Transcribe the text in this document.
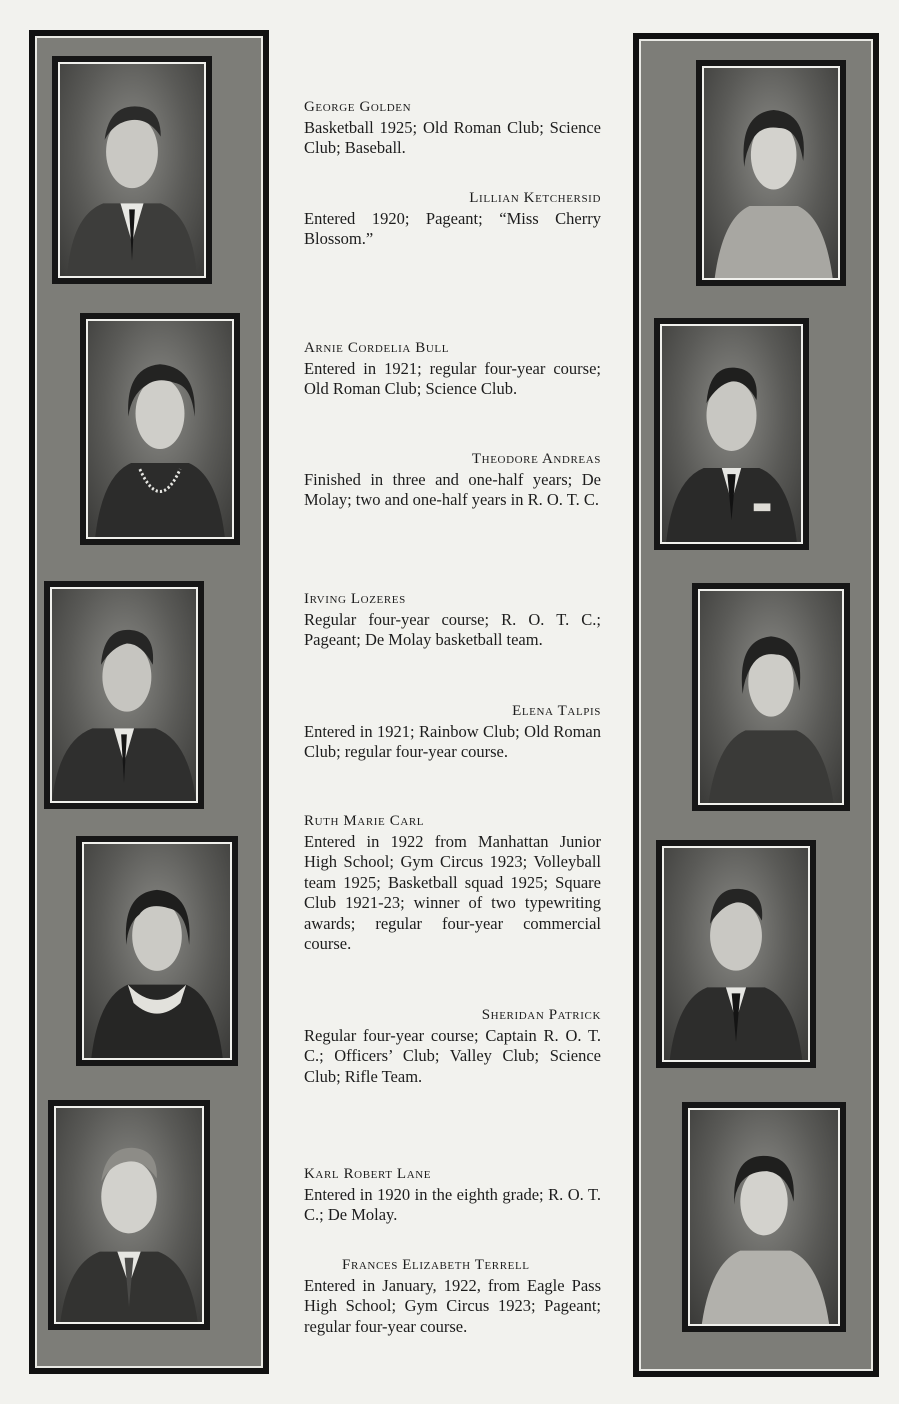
George Golden
Basketball 1925; Old Roman Club; Science Club; Baseball.
Lillian Ketchersid
Entered 1920; Pageant; “Miss Cherry Blossom.”
Arnie Cordelia Bull
Entered in 1921; regular four-year course; Old Roman Club; Science Club.
Theodore Andreas
Finished in three and one-half years; De Molay; two and one-half years in R. O. T. C.
Irving Lozeres
Regular four-year course; R. O. T. C.; Pageant; De Molay basketball team.
Elena Talpis
Entered in 1921; Rainbow Club; Old Roman Club; regular four-year course.
Ruth Marie Carl
Entered in 1922 from Manhattan Junior High School; Gym Circus 1923; Volleyball team 1925; Basketball squad 1925; Square Club 1921-23; winner of two typewriting awards; regular four-year commercial course.
Sheridan Patrick
Regular four-year course; Captain R. O. T. C.; Officers’ Club; Valley Club; Science Club; Rifle Team.
Karl Robert Lane
Entered in 1920 in the eighth grade; R. O. T. C.; De Molay.
Frances Elizabeth Terrell
Entered in January, 1922, from Eagle Pass High School; Gym Circus 1923; Pageant; regular four-year course.
